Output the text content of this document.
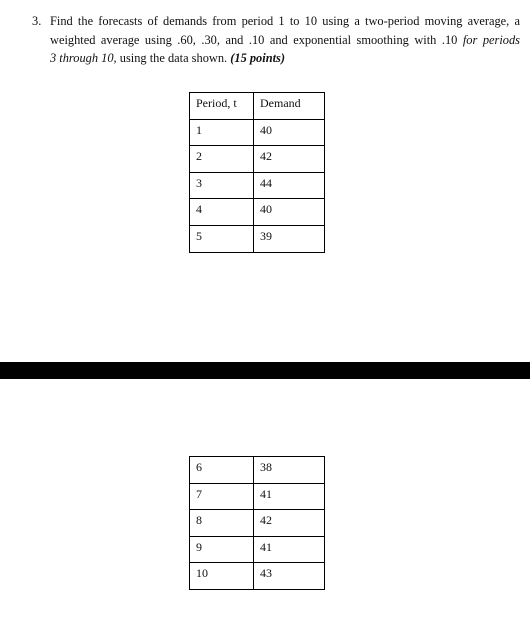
3. Find the forecasts of demands from period 1 to 10 using a two-period moving average, a
weighted average using .60, .30, and .10 and exponential smoothing with .10 for periods
3 through 10, using the data shown. (15 points)
Period, t	Demand
1	40
2	42
3	44
4	40
5	39
6	38
7	41
8	42
9	41
10	43
